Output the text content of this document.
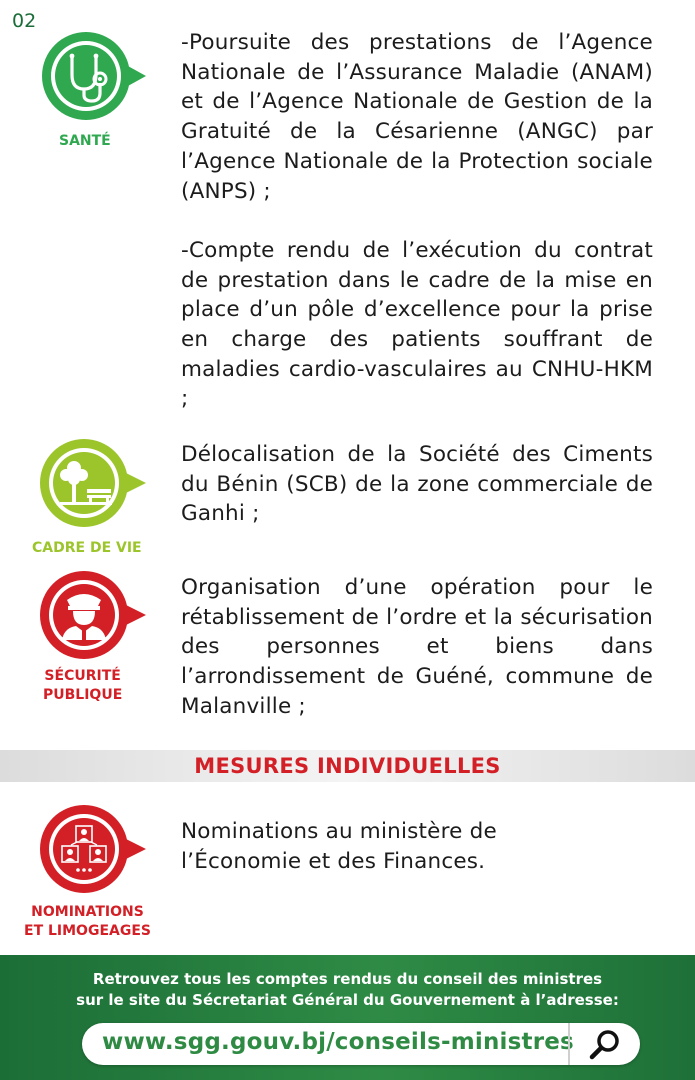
02
SANTÉ

-Poursuite des prestations de l’Agence Nationale de l’Assurance Maladie (ANAM) et de l’Agence Nationale de Gestion de la Gratuité de la Césarienne (ANGC) par l’Agence Nationale de la Protection sociale (ANPS) ;

-Compte rendu de l’exécution du contrat de prestation dans le cadre de la mise en place d’un pôle d’excellence pour la prise en charge des patients souffrant de maladies cardio-vasculaires au CNHU-HKM ;

CADRE DE VIE

Délocalisation de la Société des Ciments du Bénin (SCB) de la zone commerciale de Ganhi ;

SÉCURITÉ
PUBLIQUE

Organisation d’une opération pour le rétablissement de l’ordre et la sécurisation des personnes et biens dans l’arrondissement de Guéné, commune de Malanville ;

MESURES INDIVIDUELLES
NOMINATIONS
ET LIMOGEAGES
Nominations au ministère de
l’Économie et des Finances.
Retrouvez tous les comptes rendus du conseil des ministres
sur le site du Sécretariat Général du Gouvernement à l’adresse:
www.sgg.gouv.bj/conseils-ministres
